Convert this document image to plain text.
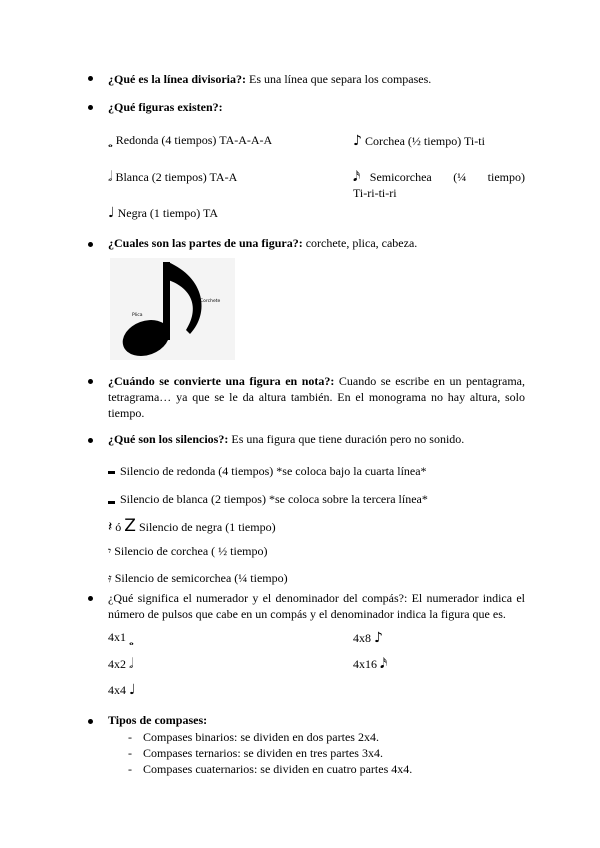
¿Qué es la línea divisoria?: Es una línea que separa los compases.
¿Qué figuras existen?:
𝅝 Redonda (4 tiempos) TA-A-A-A
𝅗𝅥 Blanca (2 tiempos) TA-A
♩ Negra (1 tiempo) TA
♪ Corchea (½ tiempo) Ti-ti
𝅘𝅥𝅯 Semicorchea (¼ tiempo) Ti-ri-ti-ri
¿Cuales son las partes de una figura?: corchete, plica, cabeza.
Corchete
Plica
Cabeza
¿Cuándo se convierte una figura en nota?: Cuando se escribe en un pentagrama, tetragrama… ya que se le da altura también. En el monograma no hay altura, solo tiempo.
¿Qué son los silencios?: Es una figura que tiene duración pero no sonido.
Silencio de redonda (4 tiempos) *se coloca bajo la cuarta línea*
Silencio de blanca (2 tiempos) *se coloca sobre la tercera línea*
𝄽 ó Z Silencio de negra (1 tiempo)
𝄾 Silencio de corchea ( ½ tiempo)
𝄿 Silencio de semicorchea (¼ tiempo)
¿Qué significa el numerador y el denominador del compás?: El numerador indica el número de pulsos que cabe en un compás y el denominador indica la figura que es.
4x1 𝅝
4x2 𝅗𝅥
4x4 ♩
4x8 ♪
4x16 𝅘𝅥𝅯
Tipos de compases:
- Compases binarios: se dividen en dos partes 2x4.
- Compases ternarios: se dividen en tres partes 3x4.
- Compases cuaternarios: se dividen en cuatro partes 4x4.
